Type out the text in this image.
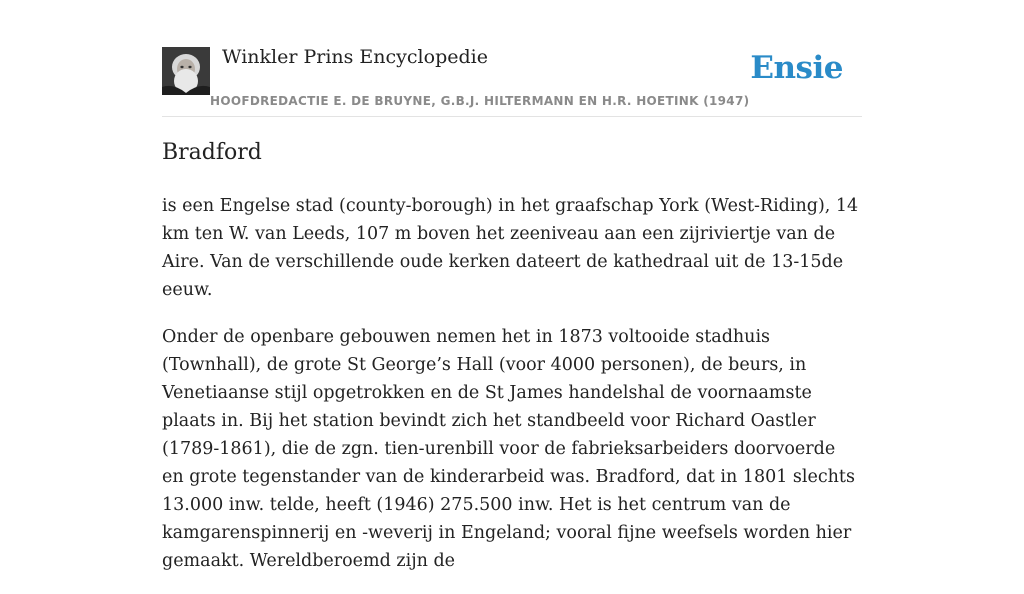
Winkler Prins Encyclopedie
HOOFDREDACTIE E. DE BRUYNE, G.B.J. HILTERMANN EN H.R. HOETINK (1947)
Ensie
Bradford

is een Engelse stad (county-borough) in het graafschap York (West-Riding), 14 km ten W. van Leeds, 107 m boven het zeeniveau aan een zijriviertje van de Aire. Van de verschillende oude kerken dateert de kathedraal uit de 13-15de eeuw.

Onder de openbare gebouwen nemen het in 1873 voltooide stadhuis (Townhall), de grote St George’s Hall (voor 4000 personen), de beurs, in Venetiaanse stijl opgetrokken en de St James handelshal de voornaamste plaats in. Bij het station bevindt zich het standbeeld voor Richard Oastler (1789-1861), die de zgn. tien-urenbill voor de fabrieksarbeiders doorvoerde en grote tegenstander van de kinderarbeid was. Bradford, dat in 1801 slechts 13.000 inw. telde, heeft (1946) 275.500 inw. Het is het centrum van de kamgarenspinnerij en -weverij in Engeland; vooral fijne weefsels worden hier gemaakt. Wereldberoemd zijn de
